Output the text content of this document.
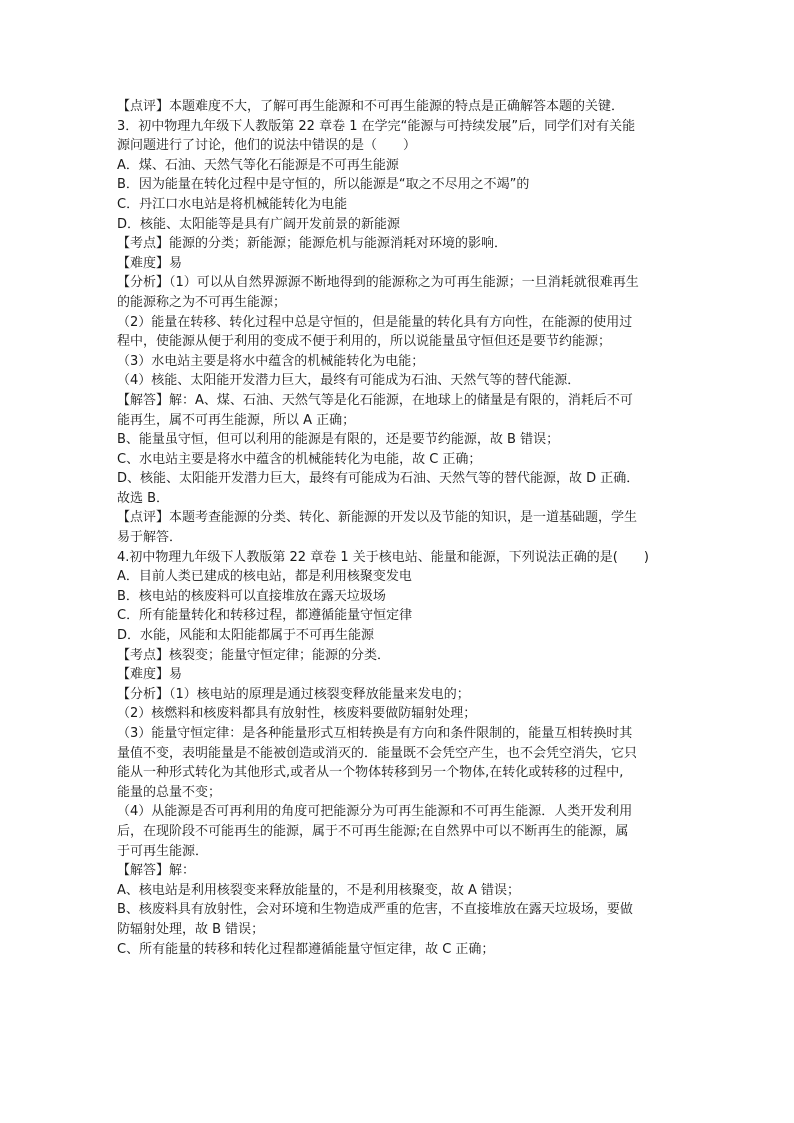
【点评】本题难度不大，了解可再生能源和不可再生能源的特点是正确解答本题的关键．
3．初中物理九年级下人教版第 22 章卷 1 在学完“能源与可持续发展”后，同学们对有关能
源问题进行了讨论，他们的说法中错误的是（　　）
A．煤、石油、天然气等化石能源是不可再生能源
B．因为能量在转化过程中是守恒的，所以能源是“取之不尽用之不竭”的
C．丹江口水电站是将机械能转化为电能
D．核能、太阳能等是具有广阔开发前景的新能源
【考点】能源的分类；新能源；能源危机与能源消耗对环境的影响．
【难度】易
【分析】（1）可以从自然界源源不断地得到的能源称之为可再生能源；一旦消耗就很难再生
的能源称之为不可再生能源；
（2）能量在转移、转化过程中总是守恒的，但是能量的转化具有方向性，在能源的使用过
程中，使能源从便于利用的变成不便于利用的，所以说能量虽守恒但还是要节约能源；
（3）水电站主要是将水中蕴含的机械能转化为电能；
（4）核能、太阳能开发潜力巨大，最终有可能成为石油、天然气等的替代能源．
【解答】解：A、煤、石油、天然气等是化石能源，在地球上的储量是有限的，消耗后不可
能再生，属不可再生能源，所以 A 正确；
B、能量虽守恒，但可以利用的能源是有限的，还是要节约能源，故 B 错误；
C、水电站主要是将水中蕴含的机械能转化为电能，故 C 正确；
D、核能、太阳能开发潜力巨大，最终有可能成为石油、天然气等的替代能源，故 D 正确．
故选 B．
【点评】本题考查能源的分类、转化、新能源的开发以及节能的知识，是一道基础题，学生
易于解答．
4.初中物理九年级下人教版第 22 章卷 1 关于核电站、能量和能源，下列说法正确的是(　　)
A．目前人类已建成的核电站，都是利用核聚变发电
B．核电站的核废料可以直接堆放在露天垃圾场
C．所有能量转化和转移过程，都遵循能量守恒定律
D．水能，风能和太阳能都属于不可再生能源
【考点】核裂变；能量守恒定律；能源的分类．
【难度】易
【分析】（1）核电站的原理是通过核裂变释放能量来发电的；
（2）核燃料和核废料都具有放射性，核废料要做防辐射处理；
（3）能量守恒定律：是各种能量形式互相转换是有方向和条件限制的，能量互相转换时其
量值不变，表明能量是不能被创造或消灭的．能量既不会凭空产生，也不会凭空消失，它只
能从一种形式转化为其他形式,或者从一个物体转移到另一个物体,在转化或转移的过程中,
能量的总量不变；
（4）从能源是否可再利用的角度可把能源分为可再生能源和不可再生能源．人类开发利用
后，在现阶段不可能再生的能源，属于不可再生能源;在自然界中可以不断再生的能源，属
于可再生能源．
【解答】解：
A、核电站是利用核裂变来释放能量的，不是利用核聚变，故 A 错误；
B、核废料具有放射性，会对环境和生物造成严重的危害，不直接堆放在露天垃圾场，要做
防辐射处理，故 B 错误；
C、所有能量的转移和转化过程都遵循能量守恒定律，故 C 正确；
